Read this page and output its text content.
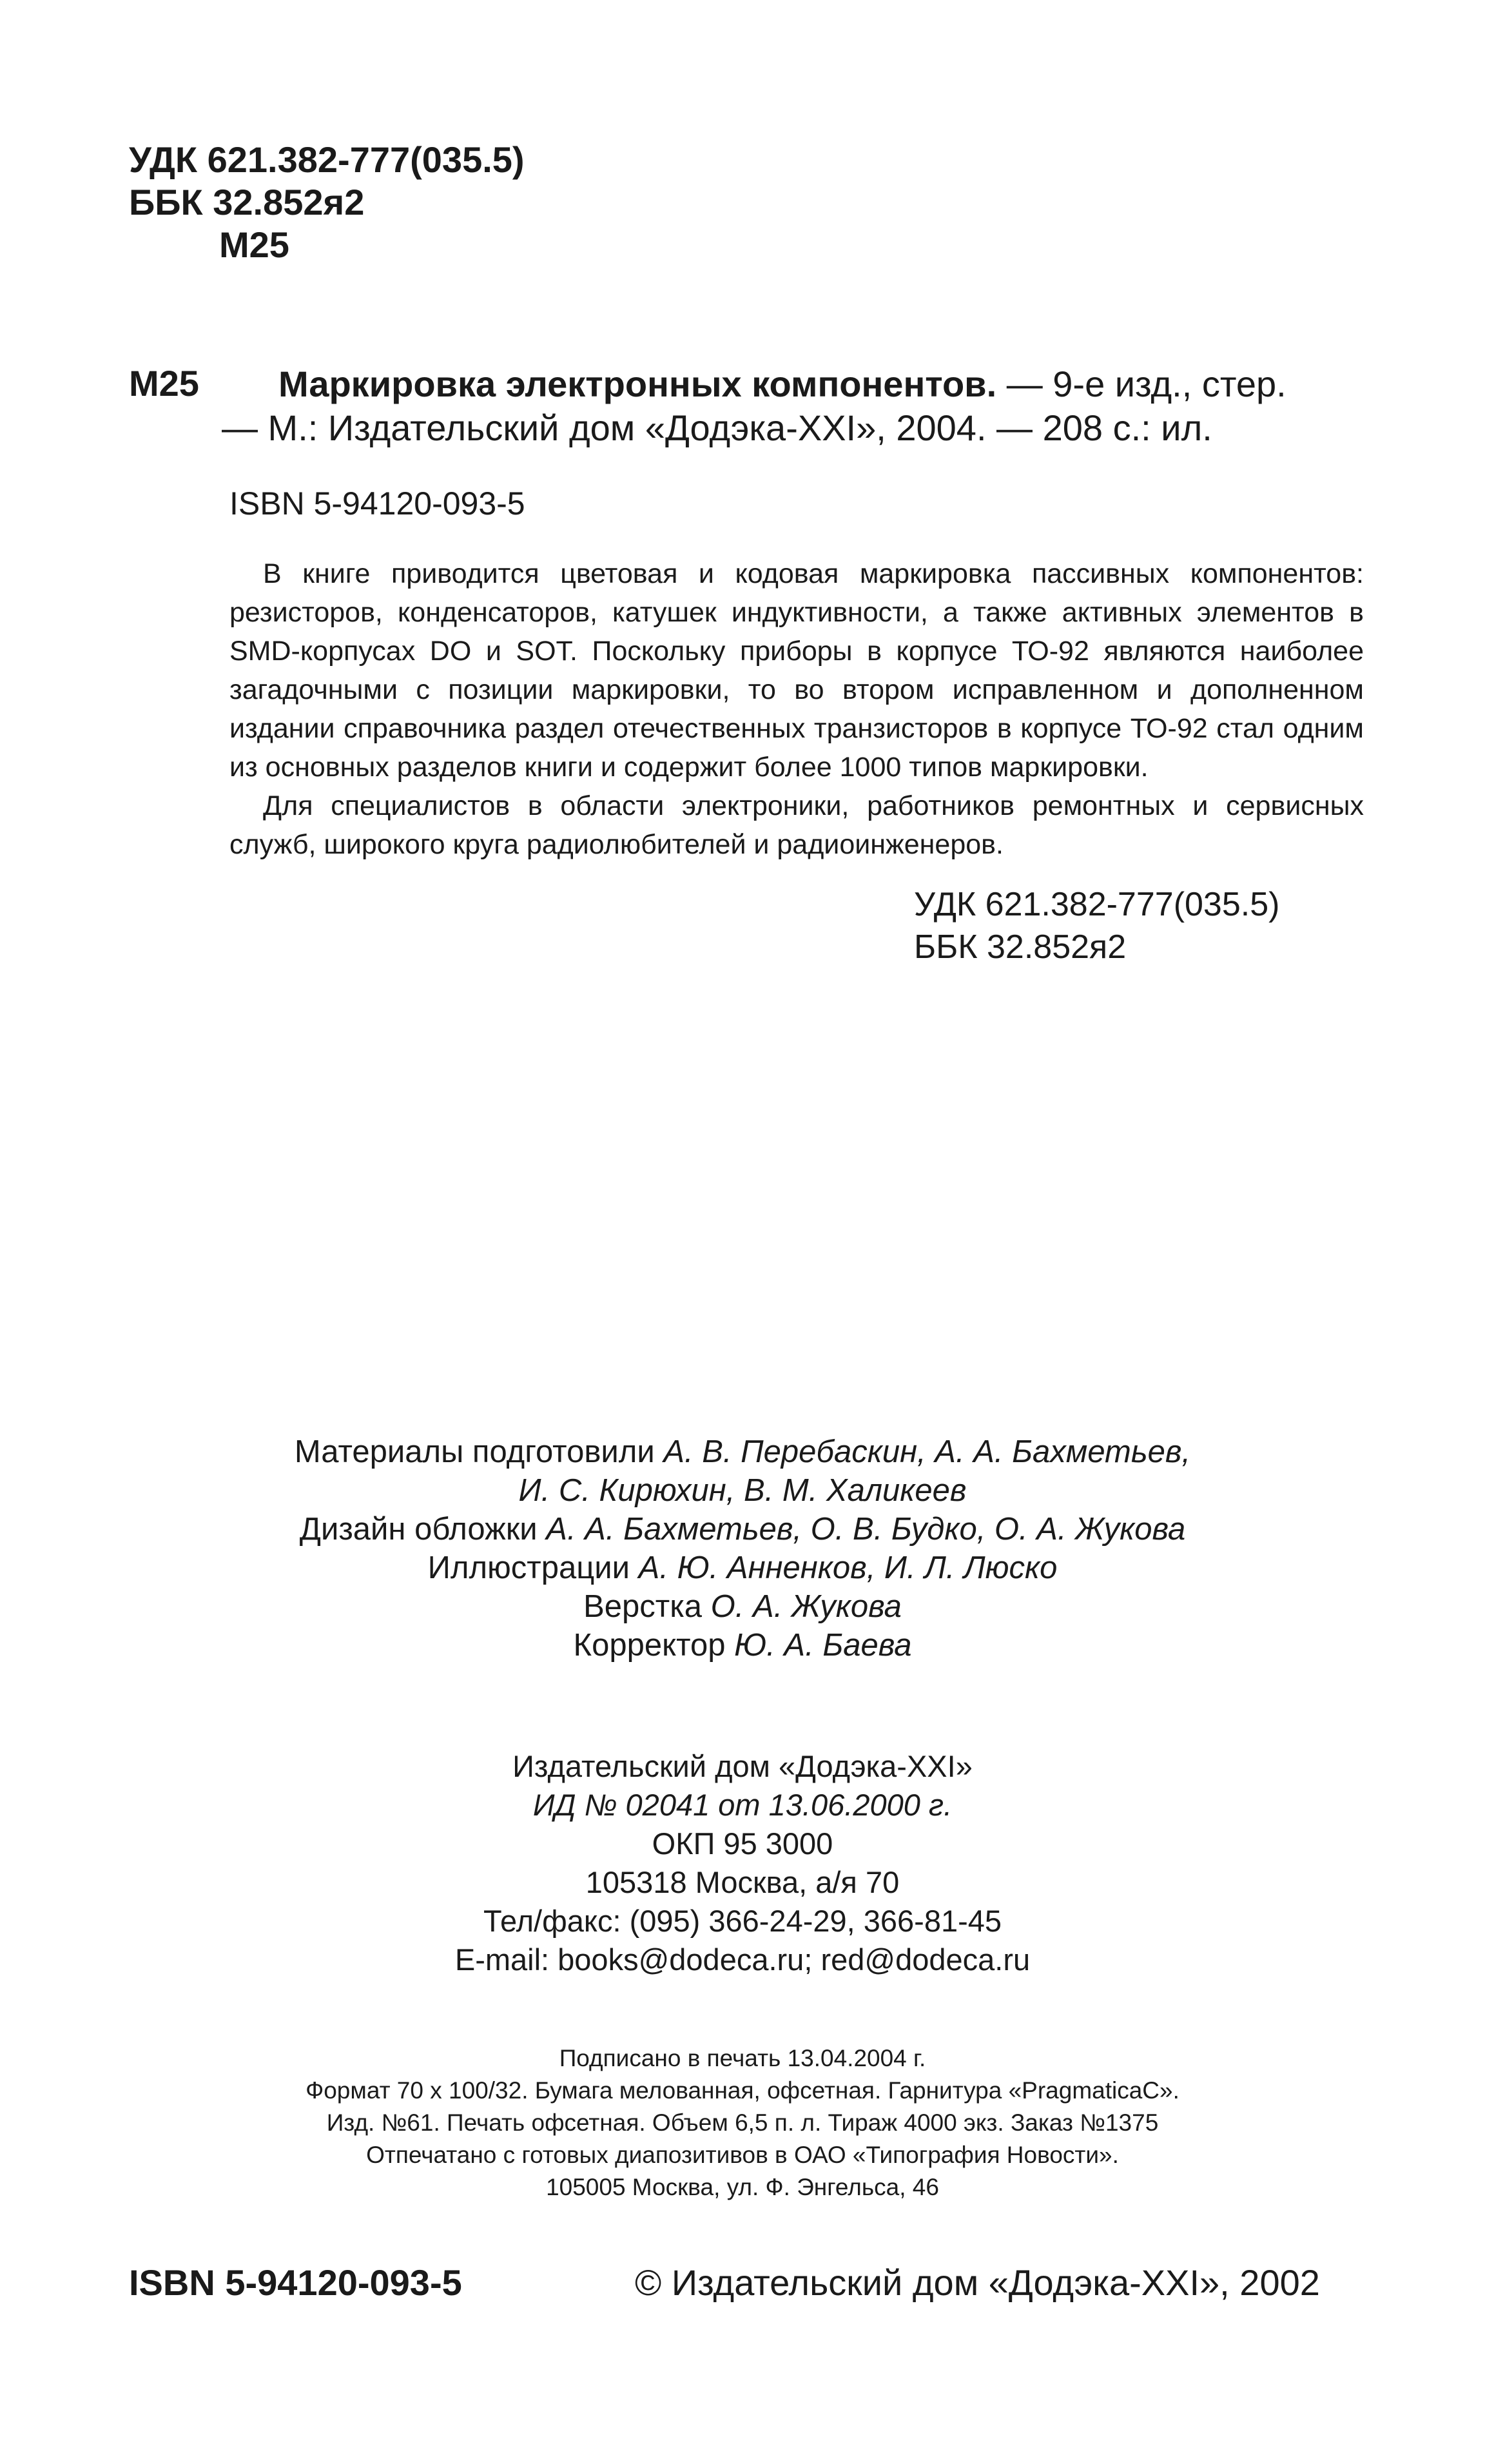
УДК 621.382-777(035.5)
ББК 32.852я2
М25
М25 Маркировка электронных компонентов. — 9-е изд., стер.
— М.: Издательский дом «Додэка-XXI», 2004. — 208 с.: ил.
ISBN 5-94120-093-5

В книге приводится цветовая и кодовая маркировка пассивных компонентов: резисторов, конденсаторов, катушек индуктивности, а также активных элементов в SMD-корпусах DO и SOT. Поскольку приборы в корпусе ТО-92 являются наиболее загадочными с позиции маркировки, то во втором исправленном и дополненном издании справочника раздел отечественных транзисторов в корпусе ТО-92 стал одним из основных разделов книги и содержит более 1000 типов маркировки.

Для специалистов в области электроники, работников ремонтных и сервисных служб, широкого круга радиолюбителей и радиоинженеров.

УДК 621.382-777(035.5)
ББК 32.852я2
Материалы подготовили А. В. Перебаскин, А. А. Бахметьев,
И. С. Кирюхин, В. М. Халикеев
Дизайн обложки А. А. Бахметьев, О. В. Будко, О. А. Жукова
Иллюстрации А. Ю. Анненков, И. Л. Люско
Верстка О. А. Жукова
Корректор Ю. А. Баева
Издательский дом «Додэка-XXI»
ИД № 02041 от 13.06.2000 г.
ОКП 95 3000
105318 Москва, а/я 70
Тел/факс: (095) 366-24-29, 366-81-45
E-mail: books@dodeca.ru; red@dodeca.ru
Подписано в печать 13.04.2004 г.
Формат 70 х 100/32. Бумага мелованная, офсетная. Гарнитура «PragmaticaC».
Изд. №61. Печать офсетная. Объем 6,5 п. л. Тираж 4000 экз. Заказ №1375
Отпечатано с готовых диапозитивов в ОАО «Типография Новости».
105005 Москва, ул. Ф. Энгельса, 46
ISBN 5-94120-093-5	© Издательский дом «Додэка-XXI», 2002
